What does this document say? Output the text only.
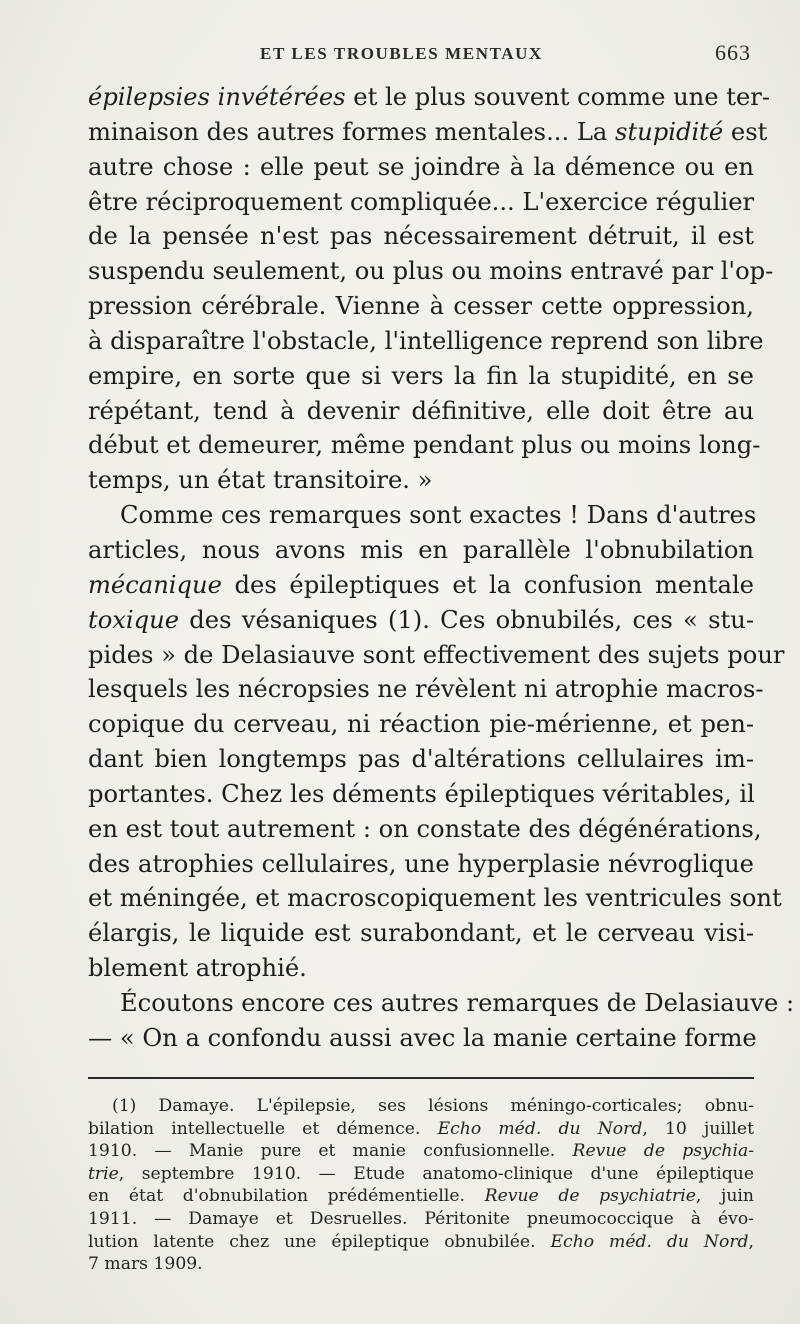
ET LES TROUBLES MENTAUX	663
épilepsies invétérées et le plus souvent comme une ter-
minaison des autres formes mentales... La stupidité est
autre chose : elle peut se joindre à la démence ou en
être réciproquement compliquée... L'exercice régulier
de la pensée n'est pas nécessairement détruit, il est
suspendu seulement, ou plus ou moins entravé par l'op-
pression cérébrale. Vienne à cesser cette oppression,
à disparaître l'obstacle, l'intelligence reprend son libre
empire, en sorte que si vers la fin la stupidité, en se
répétant, tend à devenir définitive, elle doit être au
début et demeurer, même pendant plus ou moins long-
temps, un état transitoire. »
Comme ces remarques sont exactes ! Dans d'autres
articles, nous avons mis en parallèle l'obnubilation
mécanique des épileptiques et la confusion mentale
toxique des vésaniques (1). Ces obnubilés, ces « stu-
pides » de Delasiauve sont effectivement des sujets pour
lesquels les nécropsies ne révèlent ni atrophie macros-
copique du cerveau, ni réaction pie-mérienne, et pen-
dant bien longtemps pas d'altérations cellulaires im-
portantes. Chez les déments épileptiques véritables, il
en est tout autrement : on constate des dégénérations,
des atrophies cellulaires, une hyperplasie névroglique
et méningée, et macroscopiquement les ventricules sont
élargis, le liquide est surabondant, et le cerveau visi-
blement atrophié.
Écoutons encore ces autres remarques de Delasiauve :
— « On a confondu aussi avec la manie certaine forme
(1) Damaye. L'épilepsie, ses lésions méningo-corticales; obnu-
bilation intellectuelle et démence. Echo méd. du Nord, 10 juillet
1910. — Manie pure et manie confusionnelle. Revue de psychia-
trie, septembre 1910. — Etude anatomo-clinique d'une épileptique
en état d'obnubilation prédémentielle. Revue de psychiatrie, juin
1911. — Damaye et Desruelles. Péritonite pneumococcique à évo-
lution latente chez une épileptique obnubilée. Echo méd. du Nord,
7 mars 1909.
